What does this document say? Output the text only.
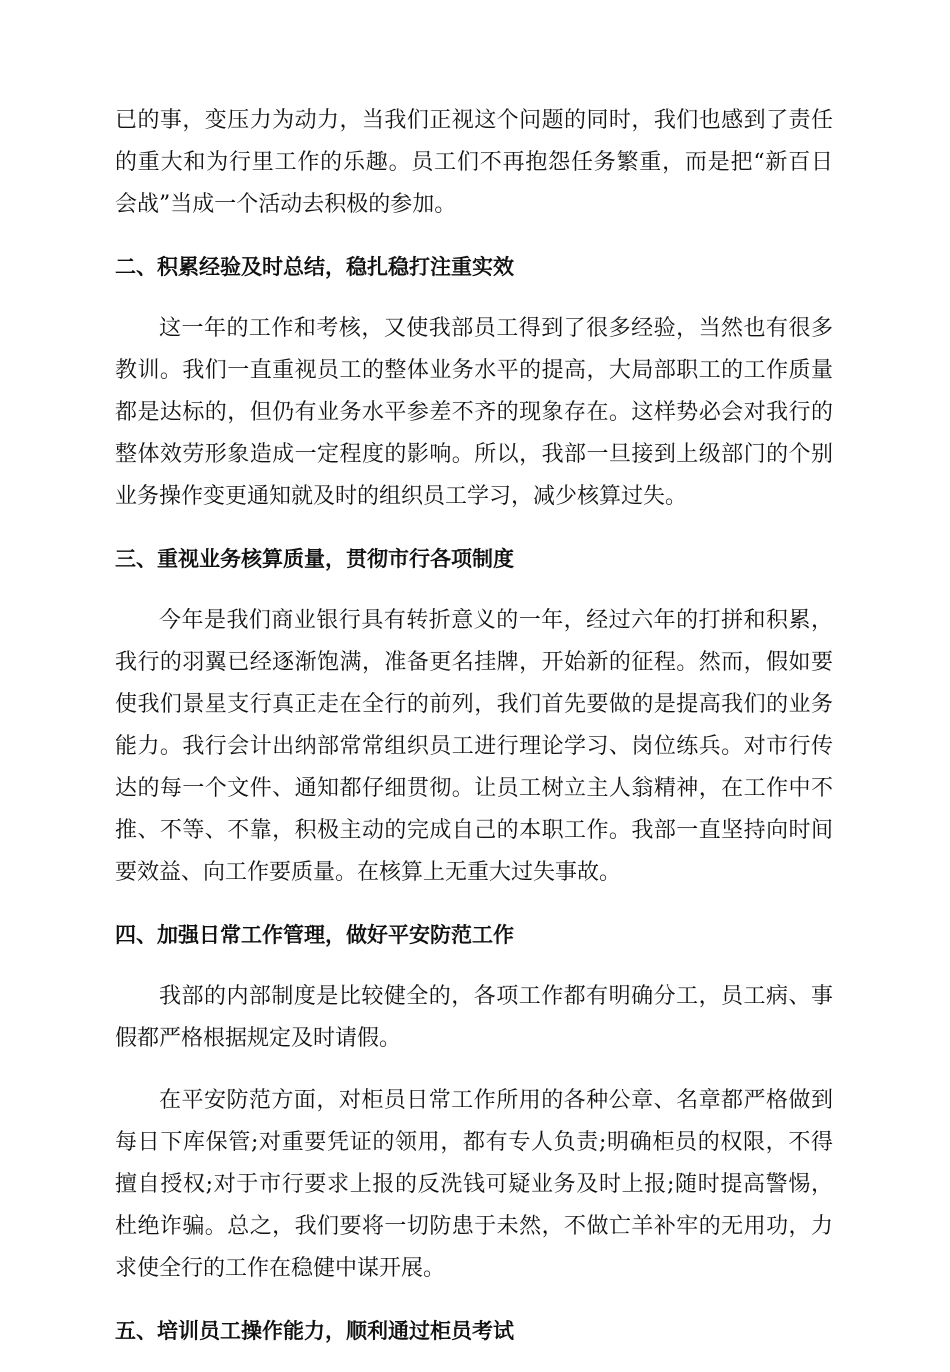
已的事，变压力为动力，当我们正视这个问题的同时，我们也感到了责任
的重大和为行里工作的乐趣。员工们不再抱怨任务繁重，而是把“新百日
会战”当成一个活动去积极的参加。
二、积累经验及时总结，稳扎稳打注重实效
这一年的工作和考核，又使我部员工得到了很多经验，当然也有很多
教训。我们一直重视员工的整体业务水平的提高，大局部职工的工作质量
都是达标的，但仍有业务水平参差不齐的现象存在。这样势必会对我行的
整体效劳形象造成一定程度的影响。所以，我部一旦接到上级部门的个别
业务操作变更通知就及时的组织员工学习，减少核算过失。
三、重视业务核算质量，贯彻市行各项制度
今年是我们商业银行具有转折意义的一年，经过六年的打拼和积累，
我行的羽翼已经逐渐饱满，准备更名挂牌，开始新的征程。然而，假如要
使我们景星支行真正走在全行的前列，我们首先要做的是提高我们的业务
能力。我行会计出纳部常常组织员工进行理论学习、岗位练兵。对市行传
达的每一个文件、通知都仔细贯彻。让员工树立主人翁精神，在工作中不
推、不等、不靠，积极主动的完成自己的本职工作。我部一直坚持向时间
要效益、向工作要质量。在核算上无重大过失事故。
四、加强日常工作管理，做好平安防范工作
我部的内部制度是比较健全的，各项工作都有明确分工，员工病、事
假都严格根据规定及时请假。
在平安防范方面，对柜员日常工作所用的各种公章、名章都严格做到
每日下库保管;对重要凭证的领用，都有专人负责;明确柜员的权限，不得
擅自授权;对于市行要求上报的反洗钱可疑业务及时上报;随时提高警惕，
杜绝诈骗。总之，我们要将一切防患于未然，不做亡羊补牢的无用功，力
求使全行的工作在稳健中谋开展。
五、培训员工操作能力，顺利通过柜员考试
